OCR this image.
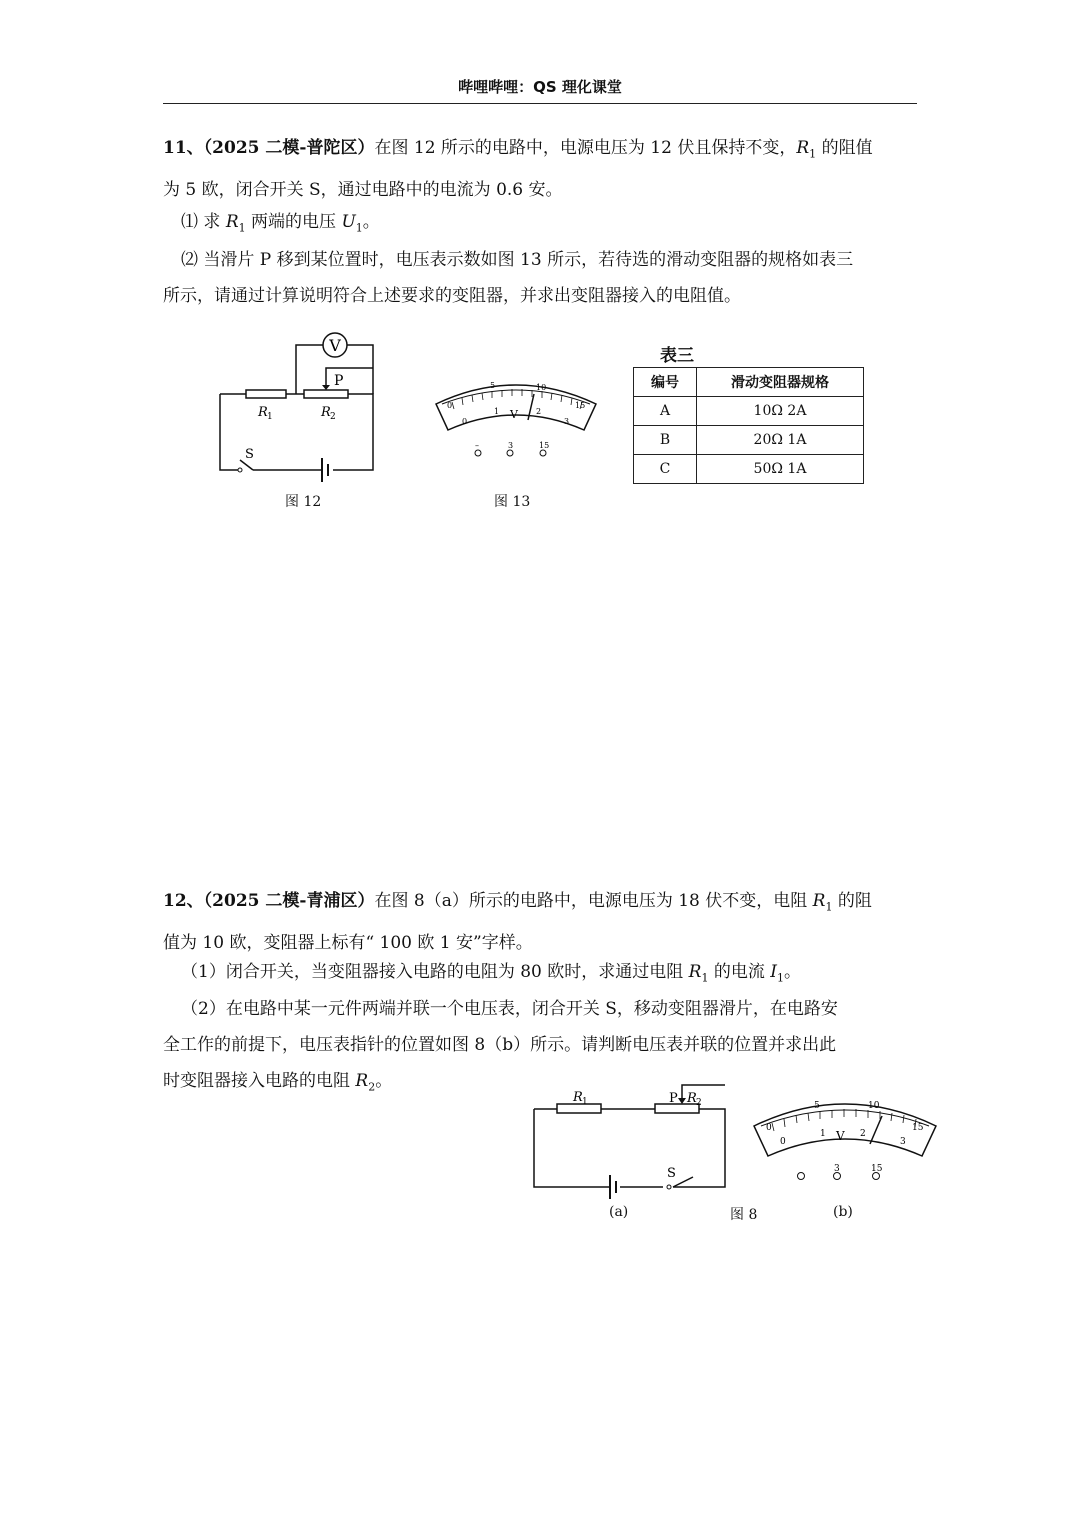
哔哩哔哩：QS 理化课堂
11、（2025 二模-普陀区）在图 12 所示的电路中，电源电压为 12 伏且保持不变，$R_1$ 的阻值
为 5 欧，闭合开关 S，通过电路中的电流为 0.6 安。
⑴ 求 $R_1$ 两端的电压 $U_1$。
⑵ 当滑片 P 移到某位置时，电压表示数如图 13 所示，若待选的滑动变阻器的规格如表三
所示，请通过计算说明符合上述要求的变阻器，并求出变阻器接入的电阻值。
V
P
R 1	R 2
S
图 12
0
5	10
15
0
1	2
3
V
–	3	15
图 13
表三
编号	滑动变阻器规格
A	10Ω 2A
B	20Ω 1A
C	50Ω 1A
12、（2025 二模-青浦区）在图 8（a）所示的电路中，电源电压为 18 伏不变，电阻 $R_1$ 的阻
值为 10 欧，变阻器上标有“ 100 欧 1 安”字样。
（1）闭合开关，当变阻器接入电路的电阻为 80 欧时，求通过电阻 $R_1$ 的电流 $I_1$。
（2）在电路中某一元件两端并联一个电压表，闭合开关 S，移动变阻器滑片，在电路安
全工作的前提下，电压表指针的位置如图 8（b）所示。请判断电压表并联的位置并求出此
时变阻器接入电路的电阻 $R_2$。
R 1	P R 2
S
(a)	图 8	(b)
0
5	10
15
0
1	2
3
V
3	15
